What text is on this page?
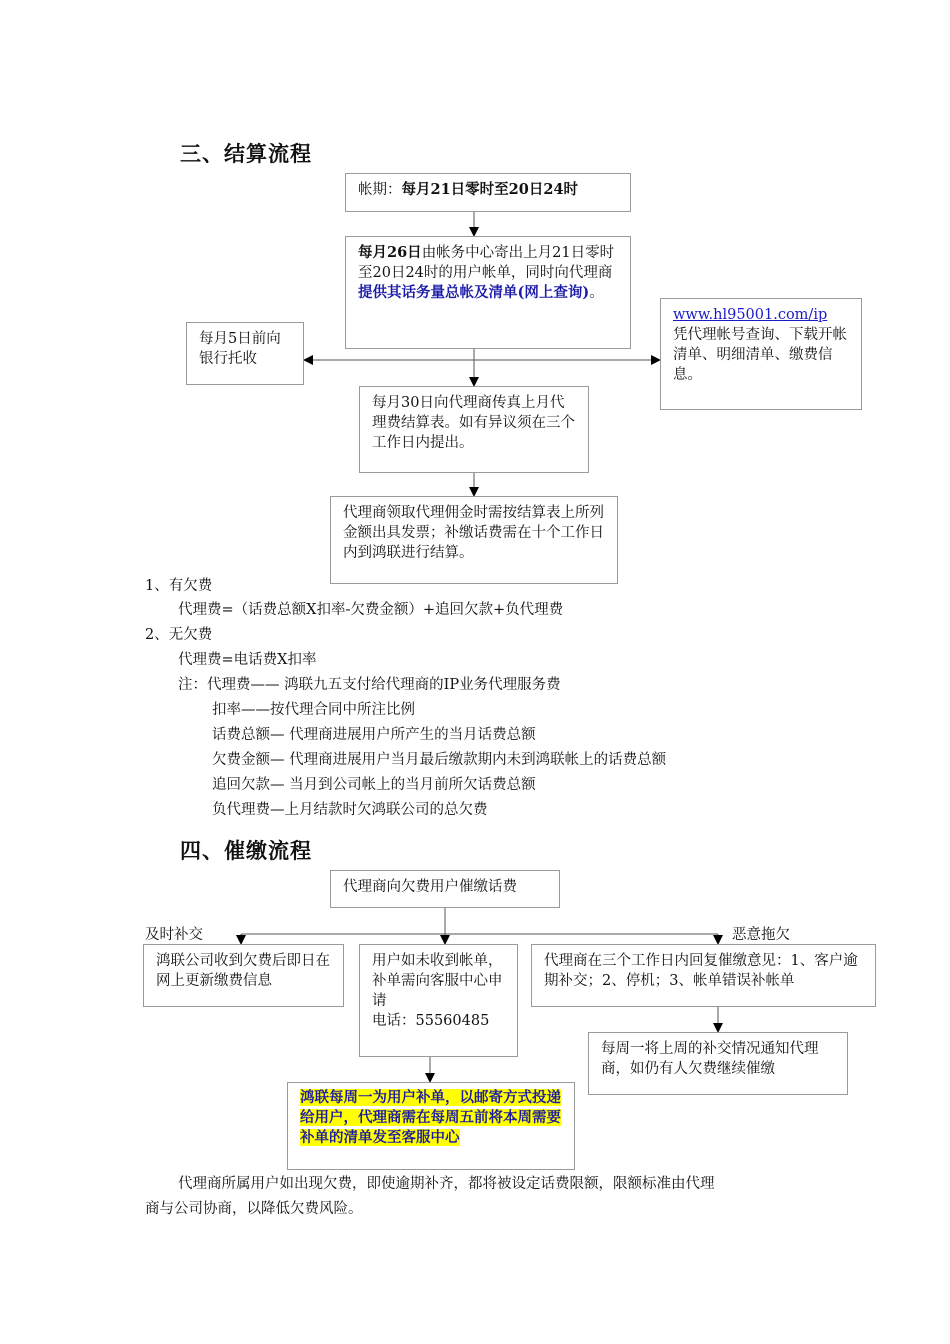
三、结算流程
帐期：每月21日零时至20日24时
每月26日由帐务中心寄出上月21日零时至20日24时的用户帐单，同时向代理商提供其话务量总帐及清单(网上查询)。
每月5日前向银行托收
www.hl95001.com/ip
凭代理帐号查询、下载开帐清单、明细清单、缴费信息。
每月30日向代理商传真上月代理费结算表。如有异议须在三个工作日内提出。
代理商领取代理佣金时需按结算表上所列金额出具发票；补缴话费需在十个工作日内到鸿联进行结算。
1、有欠费
代理费=（话费总额X扣率-欠费金额）+追回欠款+负代理费
2、无欠费
代理费=电话费X扣率
注：代理费—— 鸿联九五支付给代理商的IP业务代理服务费
扣率——按代理合同中所注比例
话费总额— 代理商进展用户所产生的当月话费总额
欠费金额— 代理商进展用户当月最后缴款期内未到鸿联帐上的话费总额
追回欠款— 当月到公司帐上的当月前所欠话费总额
负代理费—上月结款时欠鸿联公司的总欠费
四、催缴流程
代理商向欠费用户催缴话费
及时补交	恶意拖欠
鸿联公司收到欠费后即日在网上更新缴费信息
用户如未收到帐单，补单需向客服中心申请
电话：55560485
代理商在三个工作日内回复催缴意见：1、客户逾期补交；2、停机；3、帐单错误补帐单
每周一将上周的补交情况通知代理商，如仍有人欠费继续催缴
鸿联每周一为用户补单，以邮寄方式投递给用户，代理商需在每周五前将本周需要补单的清单发至客服中心
代理商所属用户如出现欠费，即使逾期补齐，都将被设定话费限额，限额标准由代理
商与公司协商，以降低欠费风险。
